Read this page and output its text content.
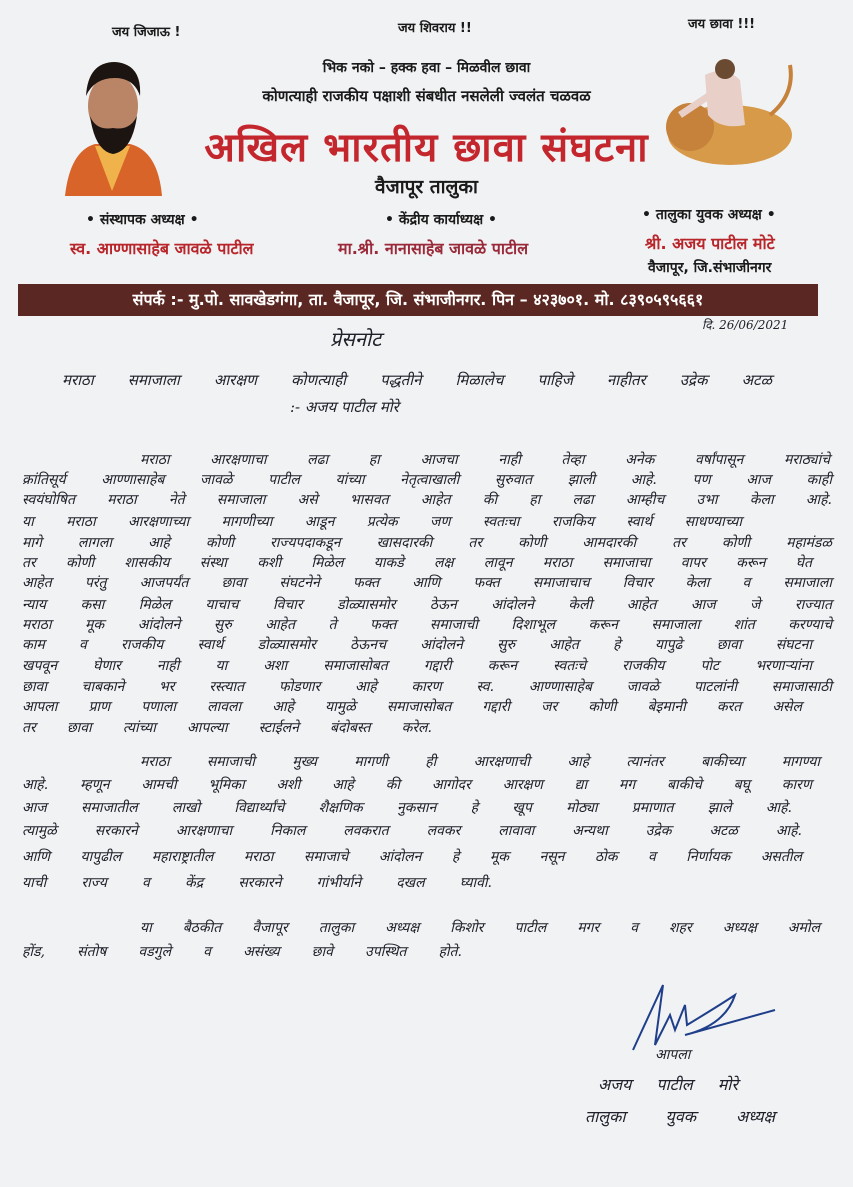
जय जिजाऊ !	जय शिवराय !!	जय छावा !!!
भिक नको – हक्क हवा – मिळवील छावा
कोणत्याही राजकीय पक्षाशी संबधीत नसलेली ज्वलंत चळवळ
अखिल भारतीय छावा संघटना
वैजापूर तालुका
• संस्थापक अध्यक्ष •
स्व. आण्णासाहेब जावळे पाटील
• केंद्रीय कार्याध्यक्ष •
मा.श्री. नानासाहेब जावळे पाटील
• तालुका युवक अध्यक्ष •
श्री. अजय पाटील मोटे
वैजापूर, जि.संभाजीनगर
संपर्क :- मु.पो. सावखेडगंगा, ता. वैजापूर, जि. संभाजीनगर. पिन – ४२३७०१. मो. ८३९०५९५६६१
दि. 26/06/2021
प्रेसनोट
मराठा समाजाला आरक्षण कोणत्याही पद्धतीने मिळालेच पाहिजे नाहीतर उद्रेक अटळ
:- अजय पाटील मोरे
मराठा आरक्षणाचा लढा हा आजचा नाही तेव्हा अनेक वर्षांपासून मराठ्यांचे
क्रांतिसूर्य आण्णासाहेब जावळे पाटील यांच्या नेतृत्वाखाली सुरुवात झाली आहे. पण आज काही
स्वयंघोषित मराठा नेते समाजाला असे भासवत आहेत की हा लढा आम्हीच उभा केला आहे.
या मराठा आरक्षणाच्या मागणीच्या आडून प्रत्येक जण स्वतःचा राजकिय स्वार्थ साधण्याच्या
मागे लागला आहे कोणी राज्यपदाकडून खासदारकी तर कोणी आमदारकी तर कोणी महामंडळ
तर कोणी शासकीय संस्था कशी मिळेल याकडे लक्ष लावून मराठा समाजाचा वापर करून घेत
आहेत परंतु आजपर्यंत छावा संघटनेने फक्त आणि फक्त समाजाचाच विचार केला व समाजाला
न्याय कसा मिळेल याचाच विचार डोळ्यासमोर ठेऊन आंदोलने केली आहेत आज जे राज्यात
मराठा मूक आंदोलने सुरु आहेत ते फक्त समाजाची दिशाभूल करून समाजाला शांत करण्याचे
काम व राजकीय स्वार्थ डोळ्यासमोर ठेऊनच आंदोलने सुरु आहेत हे यापुढे छावा संघटना
खपवून घेणार नाही या अशा समाजासोबत गद्दारी करून स्वतःचे राजकीय पोट भरणाऱ्यांना
छावा चाबकाने भर रस्त्यात फोडणार आहे कारण स्व. आण्णासाहेब जावळे पाटलांनी समाजासाठी
आपला प्राण पणाला लावला आहे यामुळे समाजासोबत गद्दारी जर कोणी बेइमानी करत असेल
तर छावा त्यांच्या आपल्या स्टाईलने बंदोबस्त करेल.
मराठा समाजाची मुख्य मागणी ही आरक्षणाची आहे त्यानंतर बाकीच्या मागण्या
आहे. म्हणून आमची भूमिका अशी आहे की आगोदर आरक्षण द्या मग बाकीचे बघू कारण
आज समाजातील लाखो विद्यार्थ्यांचे शैक्षणिक नुकसान हे खूप मोठ्या प्रमाणात झाले आहे.
त्यामुळे सरकारने आरक्षणाचा निकाल लवकरात लवकर लावावा अन्यथा उद्रेक अटळ आहे.
आणि यापुढील महाराष्ट्रातील मराठा समाजाचे आंदोलन हे मूक नसून ठोक व निर्णायक असतील
याची राज्य व केंद्र सरकारने गांभीर्याने दखल घ्यावी.
या बैठकीत वैजापूर तालुका अध्यक्ष किशोर पाटील मगर व शहर अध्यक्ष अमोल
होंड, संतोष वडगुले व असंख्य छावे उपस्थित होते.
आपला
अजय पाटील मोरे
तालुका युवक अध्यक्ष
